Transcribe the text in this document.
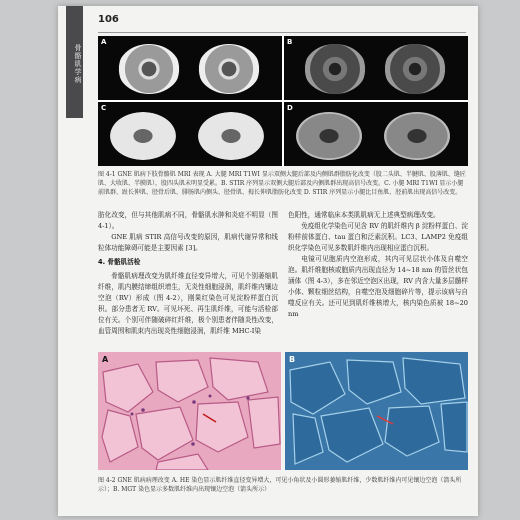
骨骼肌学病
106
A	B
C	D
图 4-1 GNE 肌病下肢骨骼肌 MRI 表现 A. 大腿 MRI T1WI 显示双侧大腿后部及内侧肌群脂肪化改变（股二头肌、半腱肌、股薄肌、缝匠肌、大收肌、半膜肌），股四头肌未明显受累。B. STIR 序列显示双侧大腿后部及内侧肌群出现高信号改变。C. 小腿 MRI T1WI 显示小腿前肌群、趾长伸肌、胫骨后肌、腓肠肌内侧头、胫骨肌、拇长伸肌脂肪化改变 D. STIR 序列显示小腿比目鱼肌、胫前肌出现高信号改变。

肪化改变，但与其他肌病不同，骨骼肌水肿和炎症不明显（图 4-1）。

GNE 肌病 STIR 高信号改变的原因，肌病代谢异常和线粒体功能障碍可能是主要因素 [3]。

4. 骨骼肌活检

骨骼肌病理改变为肌纤维直径变异增大，可见个别萎缩肌纤维，肌内膜结缔组织增生，无炎性细胞浸润，肌纤维内镶边空泡（RV）形成（图 4-2），刚果红染色可见淀粉样蛋白沉积。部分患者无 RV。可见坏死、再生肌纤维，可能与活检部位有关。个别可伴随破碎红纤维，极个别患者伴随炎性改变，血管周围和肌束内出现炎性细胞浸润，肌纤维 MHC-Ⅰ染

色阳性，通常临床本类肌肌病无上述典型病理改变。

免疫组化学染色可见含 RV 的肌纤维内 β 淀粉样蛋白、淀粉样前体蛋白、tau 蛋白和泛素沉积。LC3、LAMP2 免疫组织化学染色可见多数肌纤维内出现相应蛋白沉积。

电镜可见胞质内空泡形成，其内可见层状小体及自噬空泡。肌纤维胞核或胞质内出现直径为 14~18 nm 的管丝状包涵体（图 4-3），多在邻近空泡区出现，RV 内含大量多层髓样小体、颗粒细丝结构，自噬空泡及细胞碎片等，提示该病与自噬反应有关。还可见到肌纤维核增大，核内染色质被 18~20 nm

A	B
图 4-2 GNE 肌病病理改变 A. HE 染色显示肌纤维直径变异增大，可见小角状及小圆形萎缩肌纤维，少数肌纤维内可见镶边空泡（箭头所示）；B. MGT 染色显示多数肌纤维内出现镶边空泡（箭头所示）
